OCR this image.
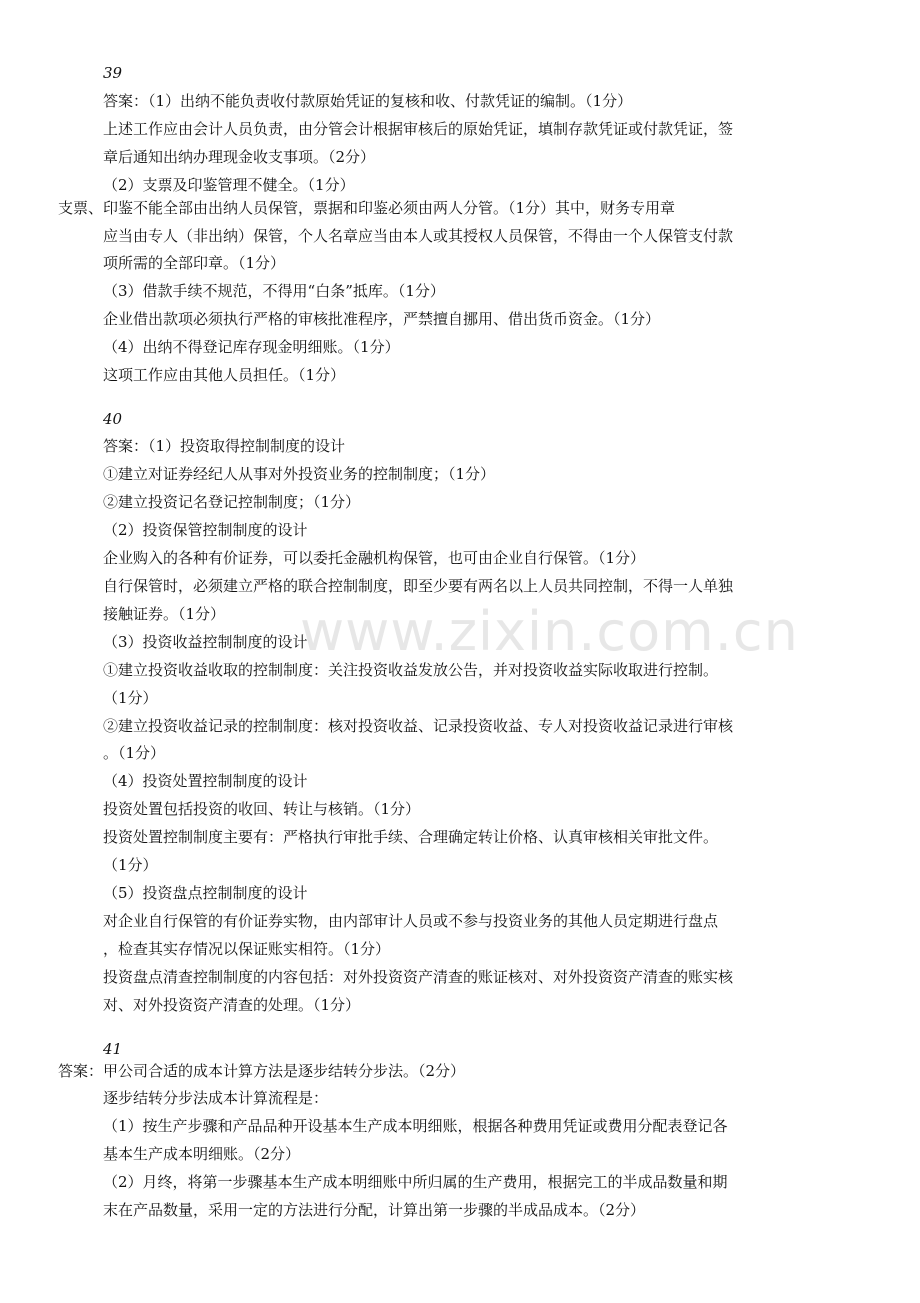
www.zixin.com.cn
39
答案：（1）出纳不能负责收付款原始凭证的复核和收、付款凭证的编制。（1分）
上述工作应由会计人员负责，由分管会计根据审核后的原始凭证，填制存款凭证或付款凭证，签
章后通知出纳办理现金收支事项。（2分）
（2）支票及印鉴管理不健全。（1分）
支票、印鉴不能全部由出纳人员保管，票据和印鉴必须由两人分管。（1分）其中，财务专用章
应当由专人（非出纳）保管，个人名章应当由本人或其授权人员保管，不得由一个人保管支付款
项所需的全部印章。（1分）
（3）借款手续不规范，不得用“白条”抵库。（1分）
企业借出款项必须执行严格的审核批准程序，严禁擅自挪用、借出货币资金。（1分）
（4）出纳不得登记库存现金明细账。（1分）
这项工作应由其他人员担任。（1分）
40
答案：（1）投资取得控制制度的设计
①建立对证券经纪人从事对外投资业务的控制制度；（1分）
②建立投资记名登记控制制度；（1分）
（2）投资保管控制制度的设计
企业购入的各种有价证券，可以委托金融机构保管，也可由企业自行保管。（1分）
自行保管时，必须建立严格的联合控制制度，即至少要有两名以上人员共同控制，不得一人单独
接触证券。（1分）
（3）投资收益控制制度的设计
①建立投资收益收取的控制制度：关注投资收益发放公告，并对投资收益实际收取进行控制。
（1分）
②建立投资收益记录的控制制度：核对投资收益、记录投资收益、专人对投资收益记录进行审核
。（1分）
（4）投资处置控制制度的设计
投资处置包括投资的收回、转让与核销。（1分）
投资处置控制制度主要有：严格执行审批手续、合理确定转让价格、认真审核相关审批文件。
（1分）
（5）投资盘点控制制度的设计
对企业自行保管的有价证券实物，由内部审计人员或不参与投资业务的其他人员定期进行盘点
，检查其实存情况以保证账实相符。（1分）
投资盘点清查控制制度的内容包括：对外投资资产清查的账证核对、对外投资资产清查的账实核
对、对外投资资产清查的处理。（1分）
41
答案：甲公司合适的成本计算方法是逐步结转分步法。（2分）
逐步结转分步法成本计算流程是：
（1）按生产步骤和产品品种开设基本生产成本明细账，根据各种费用凭证或费用分配表登记各
基本生产成本明细账。（2分）
（2）月终，将第一步骤基本生产成本明细账中所归属的生产费用，根据完工的半成品数量和期
末在产品数量，采用一定的方法进行分配，计算出第一步骤的半成品成本。（2分）
